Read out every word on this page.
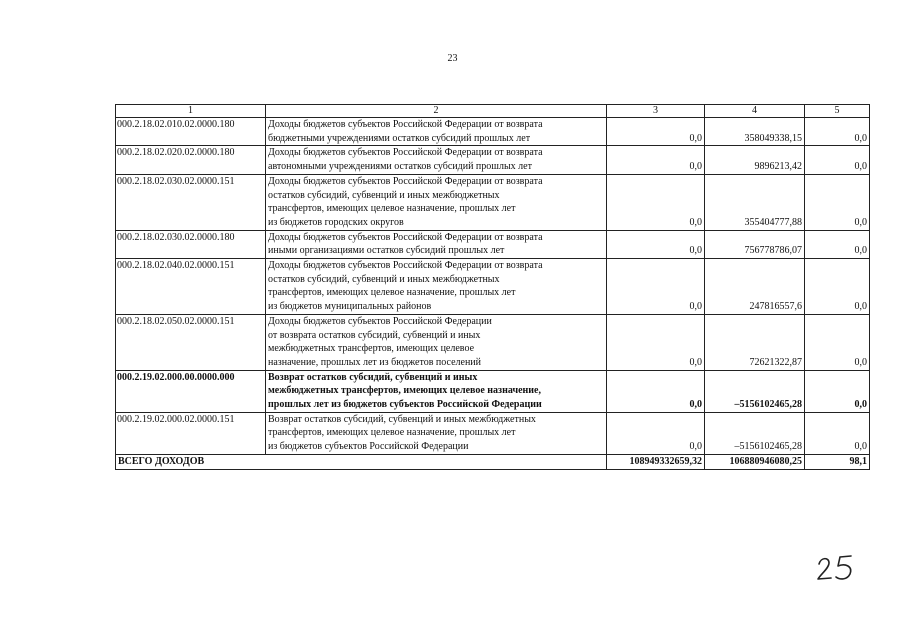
23
1	2	3	4	5
000.2.18.02.010.02.0000.180	Доходы бюджетов субъектов Российской Федерации от возврата
бюджетными учреждениями остатков субсидий прошлых лет	0,0	358049338,15	0,0
000.2.18.02.020.02.0000.180	Доходы бюджетов субъектов Российской Федерации от возврата
автономными учреждениями остатков субсидий прошлых лет	0,0	9896213,42	0,0
000.2.18.02.030.02.0000.151	Доходы бюджетов субъектов Российской Федерации от возврата
остатков субсидий, субвенций и иных межбюджетных
трансфертов, имеющих целевое назначение, прошлых лет
из бюджетов городских округов	0,0	355404777,88	0,0
000.2.18.02.030.02.0000.180	Доходы бюджетов субъектов Российской Федерации от возврата
иными организациями остатков субсидий прошлых лет	0,0	756778786,07	0,0
000.2.18.02.040.02.0000.151	Доходы бюджетов субъектов Российской Федерации от возврата
остатков субсидий, субвенций и иных межбюджетных
трансфертов, имеющих целевое назначение, прошлых лет
из бюджетов муниципальных районов	0,0	247816557,6	0,0
000.2.18.02.050.02.0000.151	Доходы бюджетов субъектов Российской Федерации
от возврата остатков субсидий, субвенций и иных
межбюджетных трансфертов, имеющих целевое
назначение, прошлых лет из бюджетов поселений	0,0	72621322,87	0,0
000.2.19.02.000.00.0000.000	Возврат остатков субсидий, субвенций и иных
межбюджетных трансфертов, имеющих целевое назначение,
прошлых лет из бюджетов субъектов Российской Федерации	0,0	–5156102465,28	0,0
000.2.19.02.000.02.0000.151	Возврат остатков субсидий, субвенций и иных межбюджетных
трансфертов, имеющих целевое назначение, прошлых лет
из бюджетов субъектов Российской Федерации	0,0	–5156102465,28	0,0
ВСЕГО ДОХОДОВ		108949332659,32	106880946080,25	98,1
